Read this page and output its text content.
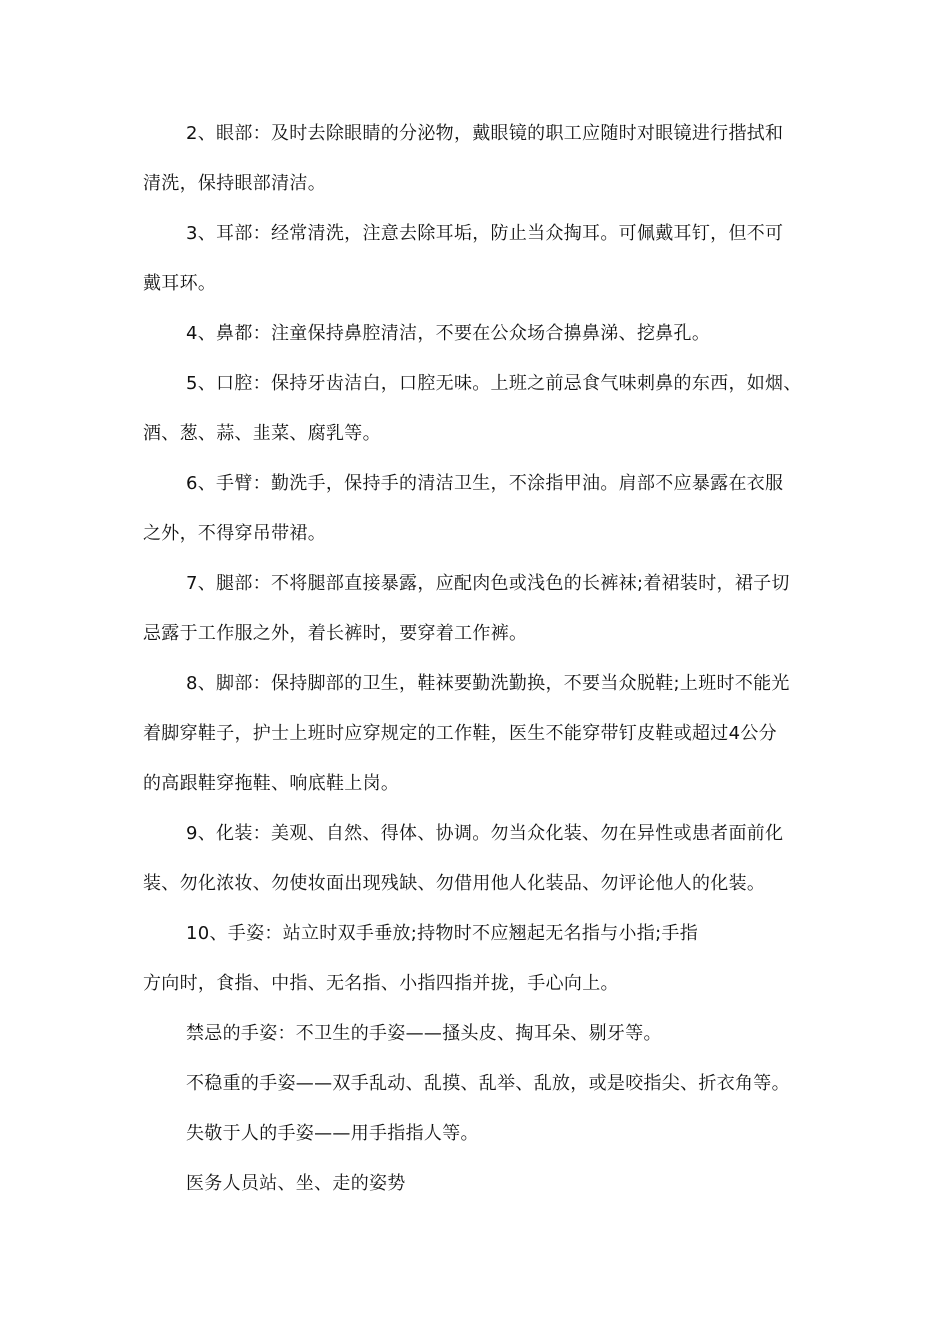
2、眼部：及时去除眼睛的分泌物，戴眼镜的职工应随时对眼镜进行揩拭和
清洗，保持眼部清洁。
3、耳部：经常清洗，注意去除耳垢，防止当众掏耳。可佩戴耳钉，但不可
戴耳环。
4、鼻都：注童保持鼻腔清洁，不要在公众场合擤鼻涕、挖鼻孔。
5、口腔：保持牙齿洁白，口腔无味。上班之前忌食气味刺鼻的东西，如烟、
酒、葱、蒜、韭菜、腐乳等。
6、手臂：勤洗手，保持手的清洁卫生，不涂指甲油。肩部不应暴露在衣服
之外，不得穿吊带裙。
7、腿部：不将腿部直接暴露，应配肉色或浅色的长裤袜;着裙装时，裙子切
忌露于工作服之外，着长裤时，要穿着工作裤。
8、脚部：保持脚部的卫生，鞋袜要勤洗勤换，不要当众脱鞋;上班时不能光
着脚穿鞋子，护士上班时应穿规定的工作鞋，医生不能穿带钉皮鞋或超过4公分
的高跟鞋穿拖鞋、响底鞋上岗。
9、化装：美观、自然、得体、协调。勿当众化装、勿在异性或患者面前化
装、勿化浓妆、勿使妆面出现残缺、勿借用他人化装品、勿评论他人的化装。
10、手姿：站立时双手垂放;持物时不应翘起无名指与小指;手指
方向时，食指、中指、无名指、小指四指并拢，手心向上。
禁忌的手姿：不卫生的手姿——搔头皮、掏耳朵、剔牙等。
不稳重的手姿——双手乱动、乱摸、乱举、乱放，或是咬指尖、折衣角等。
失敬于人的手姿——用手指指人等。
医务人员站、坐、走的姿势
